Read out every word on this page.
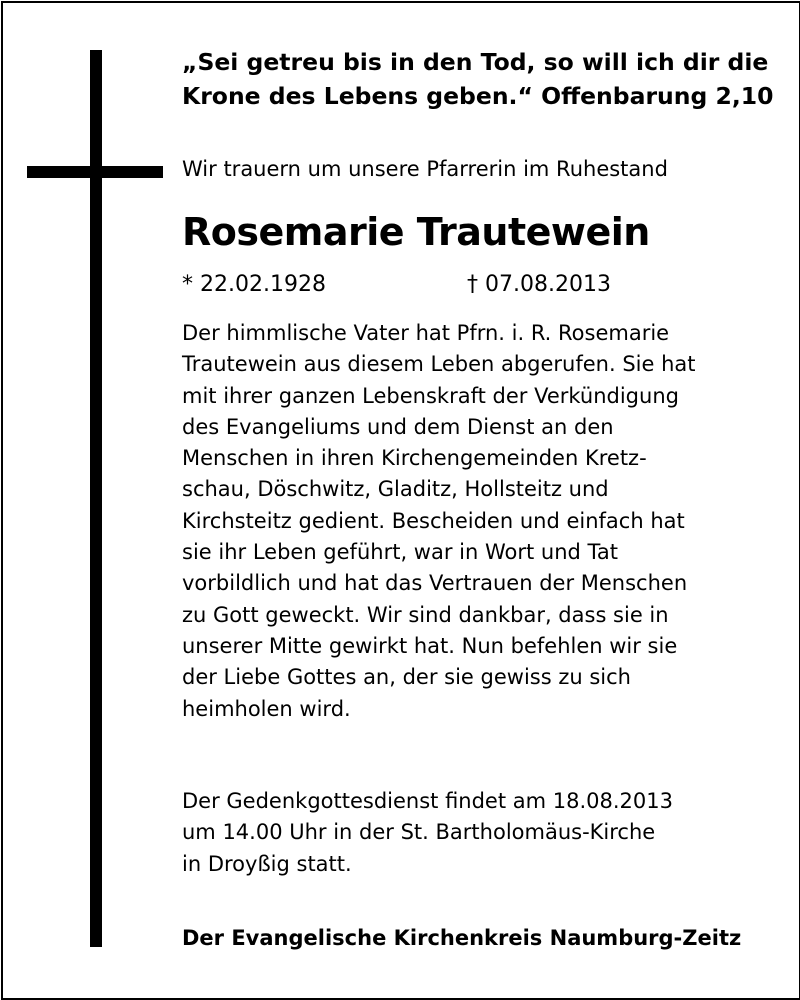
„Sei getreu bis in den Tod, so will ich dir die
Krone des Lebens geben.“ Offenbarung 2,10
Wir trauern um unsere Pfarrerin im Ruhestand
Rosemarie Trautewein
* 22.02.1928	† 07.08.2013
Der himmlische Vater hat Pfrn. i. R. Rosemarie
Trautewein aus diesem Leben abgerufen. Sie hat
mit ihrer ganzen Lebenskraft der Verkündigung
des Evangeliums und dem Dienst an den
Menschen in ihren Kirchengemeinden Kretz-
schau, Döschwitz, Gladitz, Hollsteitz und
Kirchsteitz gedient. Bescheiden und einfach hat
sie ihr Leben geführt, war in Wort und Tat
vorbildlich und hat das Vertrauen der Menschen
zu Gott geweckt. Wir sind dankbar, dass sie in
unserer Mitte gewirkt hat. Nun befehlen wir sie
der Liebe Gottes an, der sie gewiss zu sich
heimholen wird.
Der Gedenkgottesdienst findet am 18.08.2013
um 14.00 Uhr in der St. Bartholomäus-Kirche
in Droyßig statt.
Der Evangelische Kirchenkreis Naumburg-Zeitz
